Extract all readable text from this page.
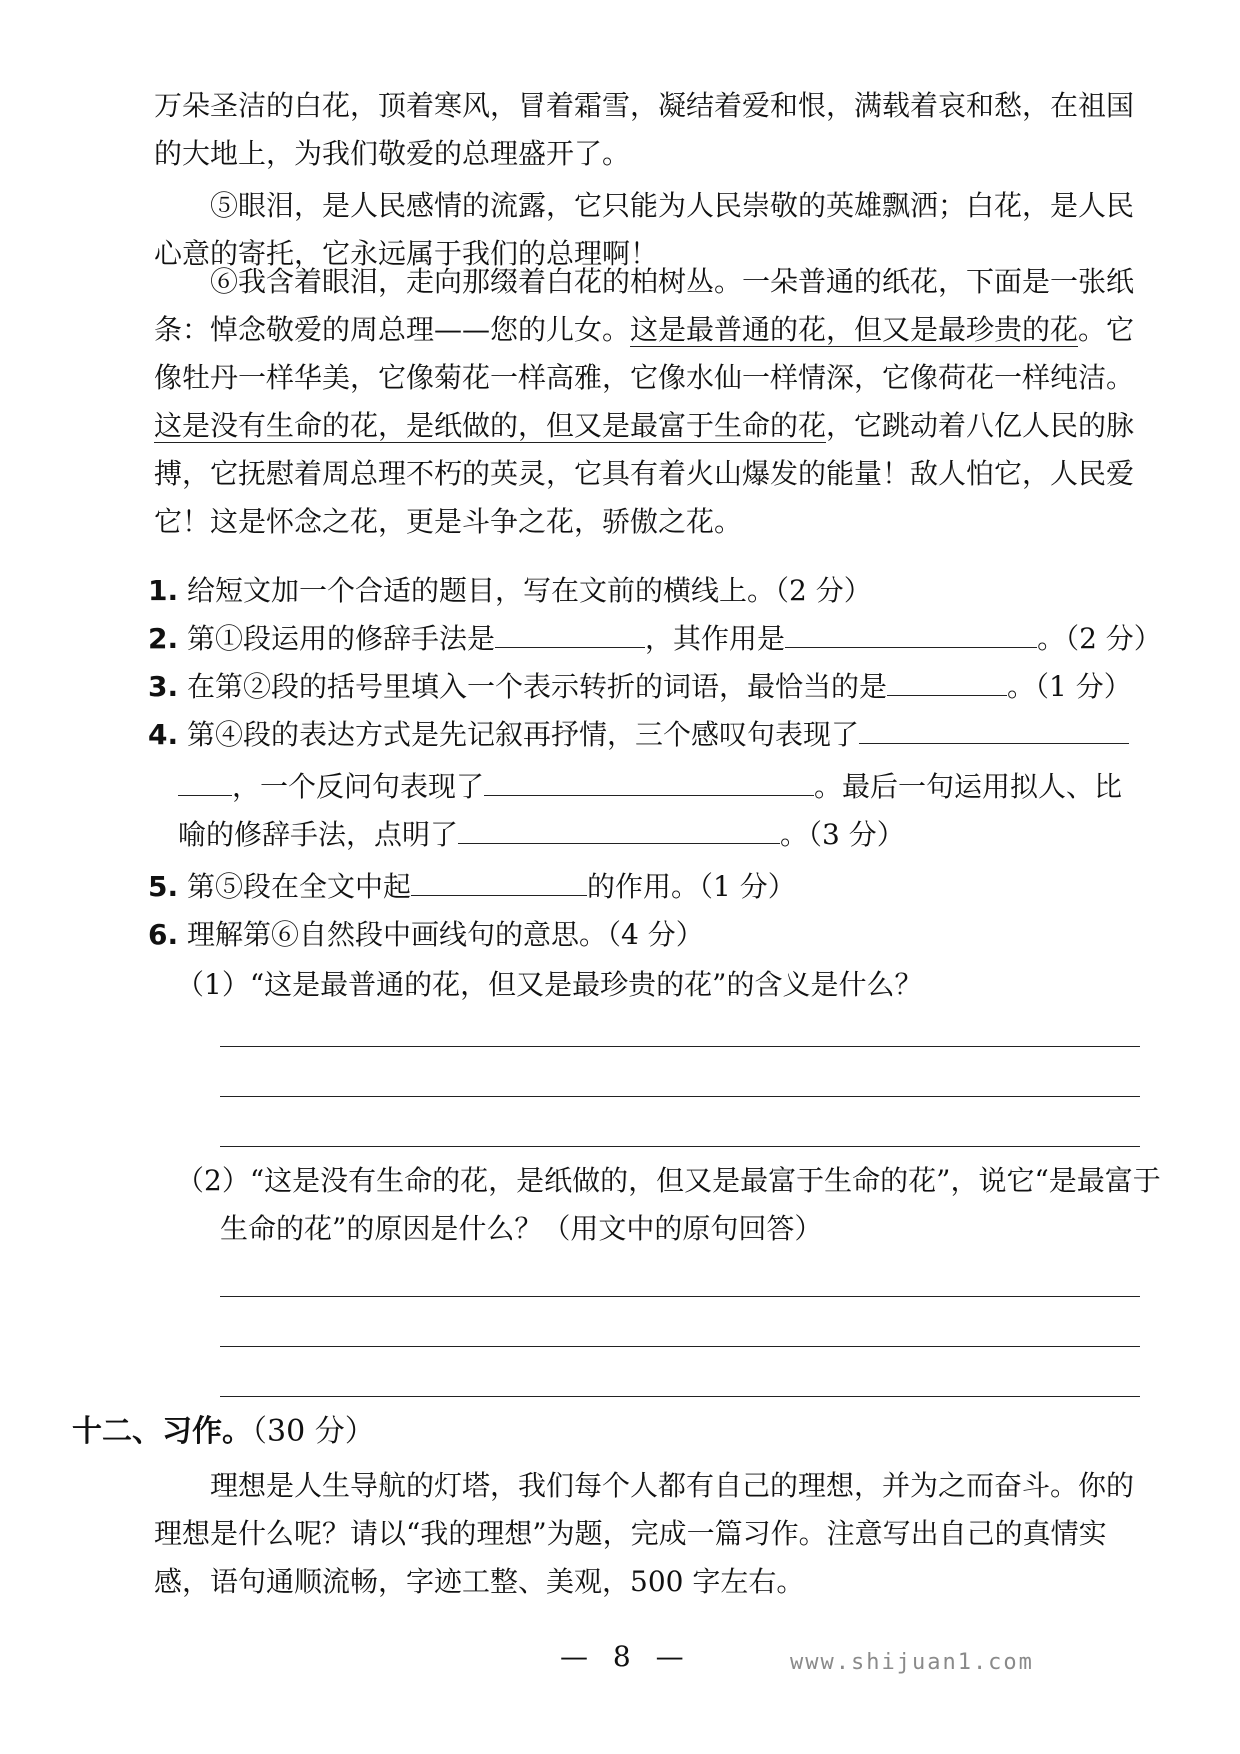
万朵圣洁的白花，顶着寒风，冒着霜雪，凝结着爱和恨，满载着哀和愁，在祖国的大地上，为我们敬爱的总理盛开了。

⑤眼泪，是人民感情的流露，它只能为人民崇敬的英雄飘洒；白花，是人民心意的寄托，它永远属于我们的总理啊！

⑥我含着眼泪，走向那缀着白花的柏树丛。一朵普通的纸花，下面是一张纸条：悼念敬爱的周总理——您的儿女。这是最普通的花，但又是最珍贵的花。它像牡丹一样华美，它像菊花一样高雅，它像水仙一样情深，它像荷花一样纯洁。这是没有生命的花，是纸做的，但又是最富于生命的花，它跳动着八亿人民的脉搏，它抚慰着周总理不朽的英灵，它具有着火山爆发的能量！敌人怕它，人民爱它！这是怀念之花，更是斗争之花，骄傲之花。

1. 给短文加一个合适的题目，写在文前的横线上。（2 分）

2. 第①段运用的修辞手法是	，其作用是	。（2 分）

3. 在第②段的括号里填入一个表示转折的词语，最恰当的是	。（1 分）

4. 第④段的表达方式是先记叙再抒情，三个感叹句表现了

，一个反问句表现了	。最后一句运用拟人、比

喻的修辞手法，点明了	。（3 分）

5. 第⑤段在全文中起	的作用。（1 分）

6. 理解第⑥自然段中画线句的意思。（4 分）

（1）“这是最普通的花，但又是最珍贵的花”的含义是什么？

（2）“这是没有生命的花，是纸做的，但又是最富于生命的花”，说它“是最富于

生命的花”的原因是什么？（用文中的原句回答）

十二、习作。（30 分）

理想是人生导航的灯塔，我们每个人都有自己的理想，并为之而奋斗。你的理想是什么呢？请以“我的理想”为题，完成一篇习作。注意写出自己的真情实感，语句通顺流畅，字迹工整、美观，500 字左右。

— 8 —	www.shijuan1.com
